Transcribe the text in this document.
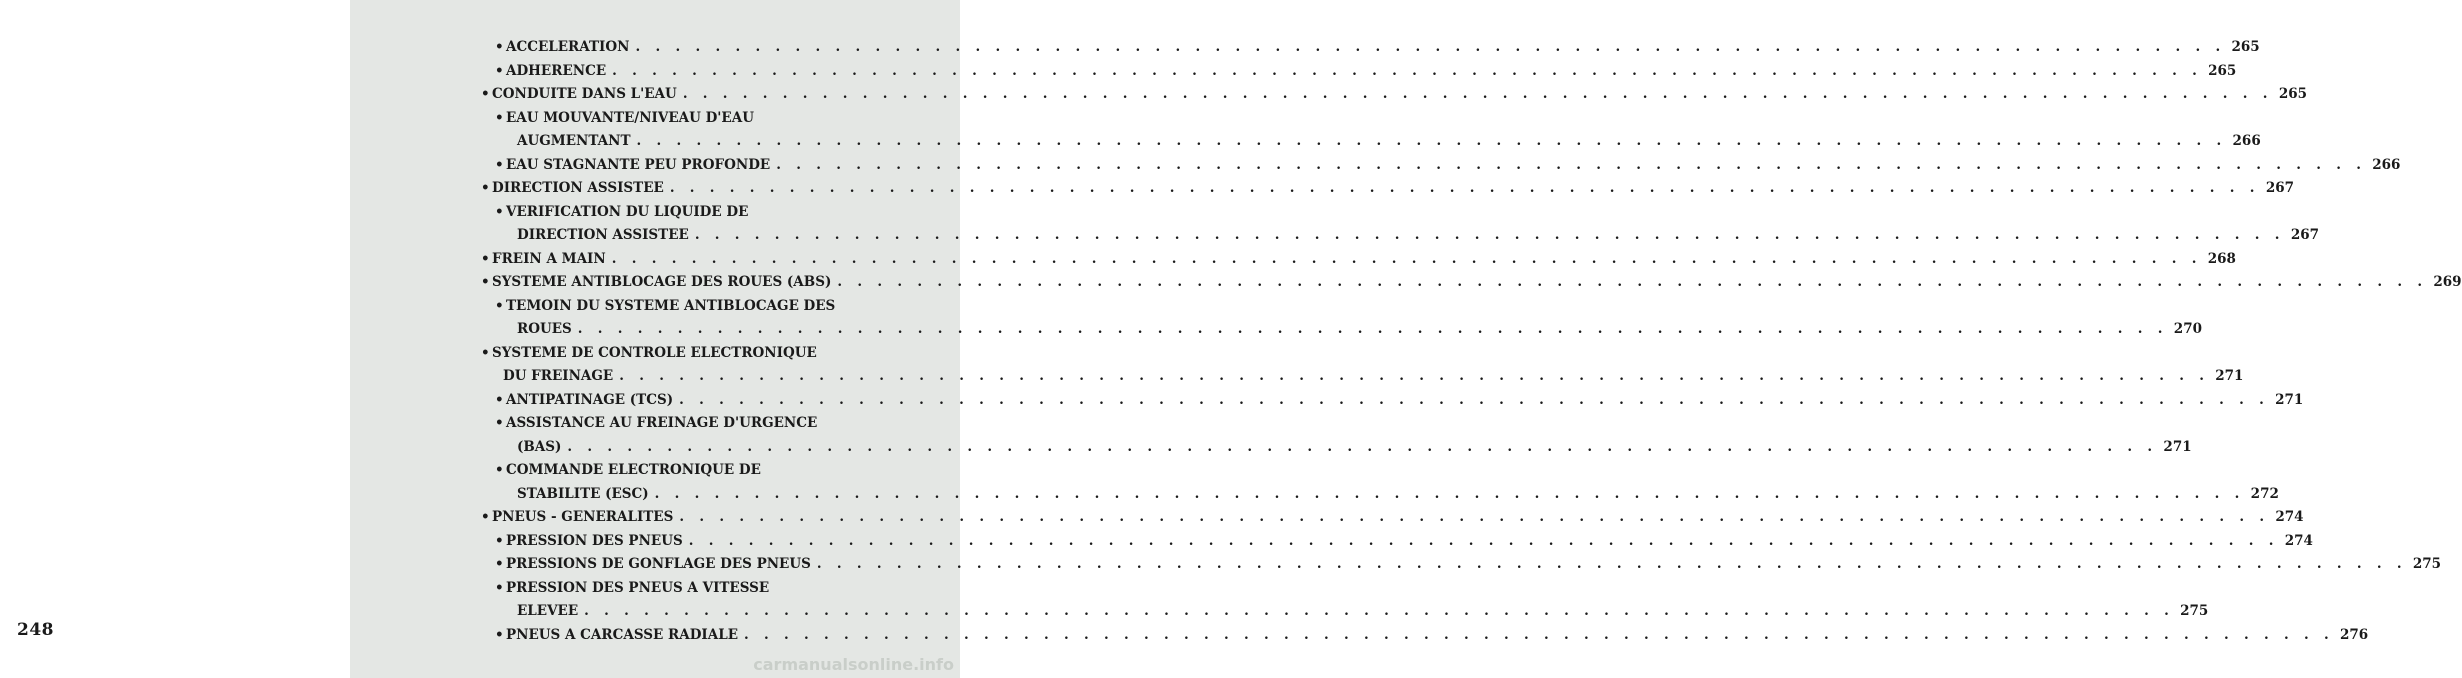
248
• ACCELERATION . . . . . . . . . . . . . . . . . . . . . . . . . . . . . . . . . . . . . . . . . . . . . . . . . . . . . . . . . . . . . . . . . . . . . . . . . . . . . . . . 265
• ADHERENCE . . . . . . . . . . . . . . . . . . . . . . . . . . . . . . . . . . . . . . . . . . . . . . . . . . . . . . . . . . . . . . . . . . . . . . . . . . . . . . . . 265
• CONDUITE DANS L'EAU . . . . . . . . . . . . . . . . . . . . . . . . . . . . . . . . . . . . . . . . . . . . . . . . . . . . . . . . . . . . . . . . . . . . . . . . . . . . . . . . 265
• EAU MOUVANTE/NIVEAU D'EAU
AUGMENTANT . . . . . . . . . . . . . . . . . . . . . . . . . . . . . . . . . . . . . . . . . . . . . . . . . . . . . . . . . . . . . . . . . . . . . . . . . . . . . . . . 266
• EAU STAGNANTE PEU PROFONDE . . . . . . . . . . . . . . . . . . . . . . . . . . . . . . . . . . . . . . . . . . . . . . . . . . . . . . . . . . . . . . . . . . . . . . . . . . . . . . . . 266
• DIRECTION ASSISTEE . . . . . . . . . . . . . . . . . . . . . . . . . . . . . . . . . . . . . . . . . . . . . . . . . . . . . . . . . . . . . . . . . . . . . . . . . . . . . . . . 267
• VERIFICATION DU LIQUIDE DE
DIRECTION ASSISTEE . . . . . . . . . . . . . . . . . . . . . . . . . . . . . . . . . . . . . . . . . . . . . . . . . . . . . . . . . . . . . . . . . . . . . . . . . . . . . . . . 267
• FREIN A MAIN . . . . . . . . . . . . . . . . . . . . . . . . . . . . . . . . . . . . . . . . . . . . . . . . . . . . . . . . . . . . . . . . . . . . . . . . . . . . . . . . 268
• SYSTEME ANTIBLOCAGE DES ROUES (ABS) . . . . . . . . . . . . . . . . . . . . . . . . . . . . . . . . . . . . . . . . . . . . . . . . . . . . . . . . . . . . . . . . . . . . . . . . . . . . . . . . 269
• TEMOIN DU SYSTEME ANTIBLOCAGE DES
ROUES . . . . . . . . . . . . . . . . . . . . . . . . . . . . . . . . . . . . . . . . . . . . . . . . . . . . . . . . . . . . . . . . . . . . . . . . . . . . . . . . 270
• SYSTEME DE CONTROLE ELECTRONIQUE
DU FREINAGE . . . . . . . . . . . . . . . . . . . . . . . . . . . . . . . . . . . . . . . . . . . . . . . . . . . . . . . . . . . . . . . . . . . . . . . . . . . . . . . . 271
• ANTIPATINAGE (TCS) . . . . . . . . . . . . . . . . . . . . . . . . . . . . . . . . . . . . . . . . . . . . . . . . . . . . . . . . . . . . . . . . . . . . . . . . . . . . . . . . 271
• ASSISTANCE AU FREINAGE D'URGENCE
(BAS) . . . . . . . . . . . . . . . . . . . . . . . . . . . . . . . . . . . . . . . . . . . . . . . . . . . . . . . . . . . . . . . . . . . . . . . . . . . . . . . . 271
• COMMANDE ELECTRONIQUE DE
STABILITE (ESC) . . . . . . . . . . . . . . . . . . . . . . . . . . . . . . . . . . . . . . . . . . . . . . . . . . . . . . . . . . . . . . . . . . . . . . . . . . . . . . . . 272
• PNEUS - GENERALITES . . . . . . . . . . . . . . . . . . . . . . . . . . . . . . . . . . . . . . . . . . . . . . . . . . . . . . . . . . . . . . . . . . . . . . . . . . . . . . . . 274
• PRESSION DES PNEUS . . . . . . . . . . . . . . . . . . . . . . . . . . . . . . . . . . . . . . . . . . . . . . . . . . . . . . . . . . . . . . . . . . . . . . . . . . . . . . . . 274
• PRESSIONS DE GONFLAGE DES PNEUS . . . . . . . . . . . . . . . . . . . . . . . . . . . . . . . . . . . . . . . . . . . . . . . . . . . . . . . . . . . . . . . . . . . . . . . . . . . . . . . . 275
• PRESSION DES PNEUS A VITESSE
ELEVEE . . . . . . . . . . . . . . . . . . . . . . . . . . . . . . . . . . . . . . . . . . . . . . . . . . . . . . . . . . . . . . . . . . . . . . . . . . . . . . . . 275
• PNEUS A CARCASSE RADIALE . . . . . . . . . . . . . . . . . . . . . . . . . . . . . . . . . . . . . . . . . . . . . . . . . . . . . . . . . . . . . . . . . . . . . . . . . . . . . . . . 276
carmanualsonline.info
